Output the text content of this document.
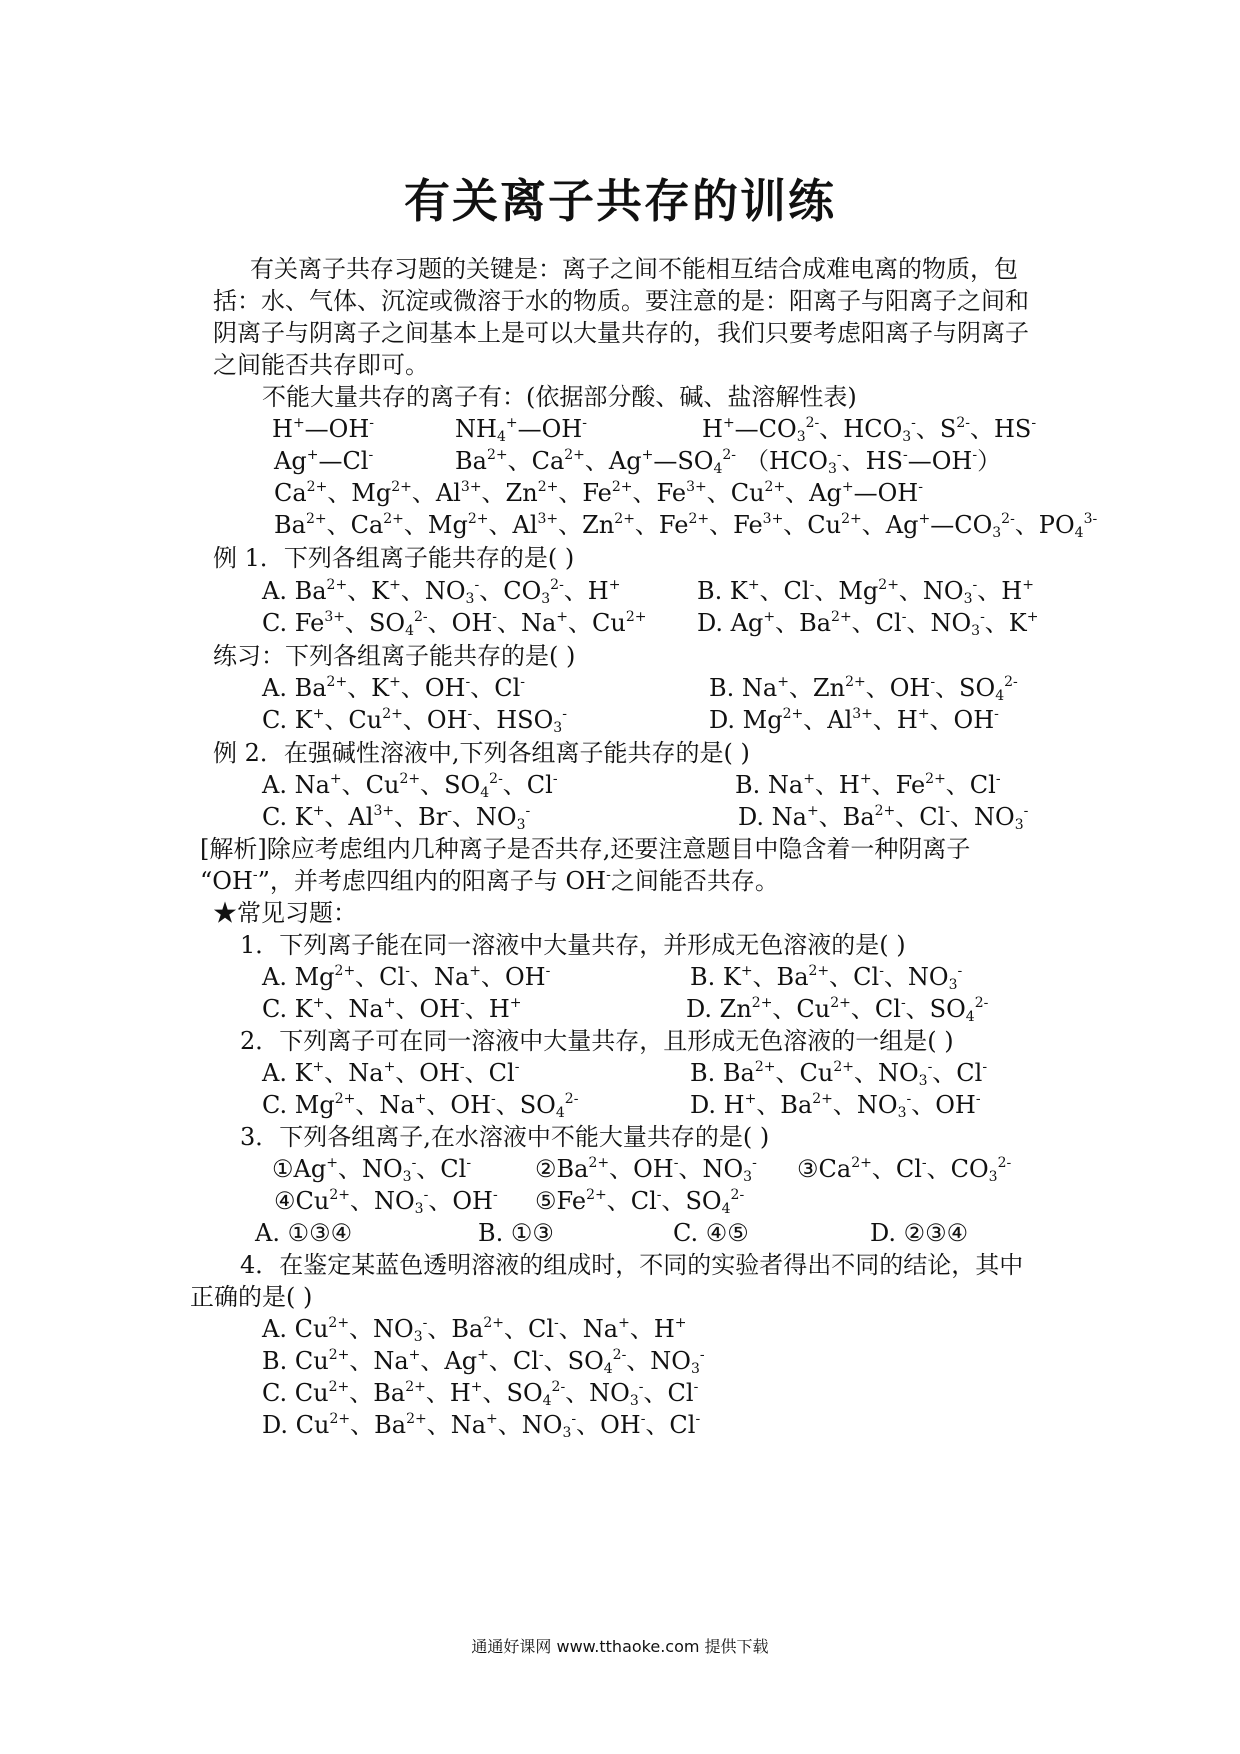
有关离子共存的训练
有关离子共存习题的关键是：离子之间不能相互结合成难电离的物质，包
括：水、气体、沉淀或微溶于水的物质。要注意的是：阳离子与阳离子之间和
阴离子与阴离子之间基本上是可以大量共存的，我们只要考虑阳离子与阴离子
之间能否共存即可。
不能大量共存的离子有：(依据部分酸、碱、盐溶解性表)
H+—OH-	$NH_4^+—OH^-$	$H^+—CO_3^{2-}$、$HCO_3^-$、$S^{2-}$、HS-
Ag+—Cl-	$Ba^{2+}$、$Ca^{2+}$、$Ag^+—SO_4^{2-}$ （$HCO_3^-$、HS-—OH-）
$Ca^{2+}$、$Mg^{2+}$、$Al^{3+}$、$Zn^{2+}$、$Fe^{2+}$、$Fe^{3+}$、$Cu^{2+}$、Ag+—OH-
$Ba^{2+}$、$Ca^{2+}$、$Mg^{2+}$、$Al^{3+}$、$Zn^{2+}$、$Fe^{2+}$、$Fe^{3+}$、$Cu^{2+}$、$Ag^+—CO_3^{2-}$、$PO_4^{3-}$
例 1．下列各组离子能共存的是( )
A. $Ba^{2+}$、K+、$NO_3^-$、$CO_3^{2-}$、H+	B. K+、Cl-、$Mg^{2+}$、$NO_3^-$、H+
C. $Fe^{3+}$、$SO_4^{2-}$、OH-、Na+、$Cu^{2+}$ D. Ag+、$Ba^{2+}$、Cl-、$NO_3^-$、K+
练习：下列各组离子能共存的是( )
A. $Ba^{2+}$、K+、OH-、Cl-	B. Na+、$Zn^{2+}$、OH-、$SO_4^{2-}$
C. K+、$Cu^{2+}$、OH-、$HSO_3^-$	D. $Mg^{2+}$、$Al^{3+}$、H+、OH-
例 2．在强碱性溶液中,下列各组离子能共存的是( )
A. Na+、$Cu^{2+}$、$SO_4^{2-}$、Cl-	B. Na+、H+、$Fe^{2+}$、Cl-
C. K+、$Al^{3+}$、Br-、$NO_3^-$	D. Na+、$Ba^{2+}$、Cl-、$NO_3^-$
[解析]除应考虑组内几种离子是否共存,还要注意题目中隐含着一种阴离子
“OH-”，并考虑四组内的阳离子与 OH-之间能否共存。
★常见习题：
1．下列离子能在同一溶液中大量共存，并形成无色溶液的是( )
A. $Mg^{2+}$、Cl-、Na+、OH-	B. K+、$Ba^{2+}$、Cl-、$NO_3^-$
C. K+、Na+、OH-、H+	D. $Zn^{2+}$、$Cu^{2+}$、Cl-、$SO_4^{2-}$
2．下列离子可在同一溶液中大量共存，且形成无色溶液的一组是( )
A. K+、Na+、OH-、Cl-	B. $Ba^{2+}$、$Cu^{2+}$、$NO_3^-$、Cl-
C. $Mg^{2+}$、Na+、OH-、$SO_4^{2-}$	D. H+、$Ba^{2+}$、$NO_3^-$、OH-
3．下列各组离子,在水溶液中不能大量共存的是( )
①Ag+、$NO_3^-$、Cl-	$②Ba^{2+}$、OH-、$NO_3^-$ $③Ca^{2+}$、Cl-、$CO_3^{2-}$
$④Cu^{2+}$、$NO_3^-$、OH- $⑤Fe^{2+}$、Cl-、$SO_4^{2-}$
A. ①③④	B. ①③	C. ④⑤	D. ②③④
4．在鉴定某蓝色透明溶液的组成时，不同的实验者得出不同的结论，其中
正确的是( )
A. $Cu^{2+}$、$NO_3^-$、$Ba^{2+}$、Cl-、Na+、H+
B. $Cu^{2+}$、Na+、Ag+、Cl-、$SO_4^{2-}$、$NO_3^-$
C. $Cu^{2+}$、$Ba^{2+}$、H+、$SO_4^{2-}$、$NO_3^-$、Cl-
D. $Cu^{2+}$、$Ba^{2+}$、Na+、$NO_3^-$、OH-、Cl-
通通好课网 www.tthaoke.com 提供下载
